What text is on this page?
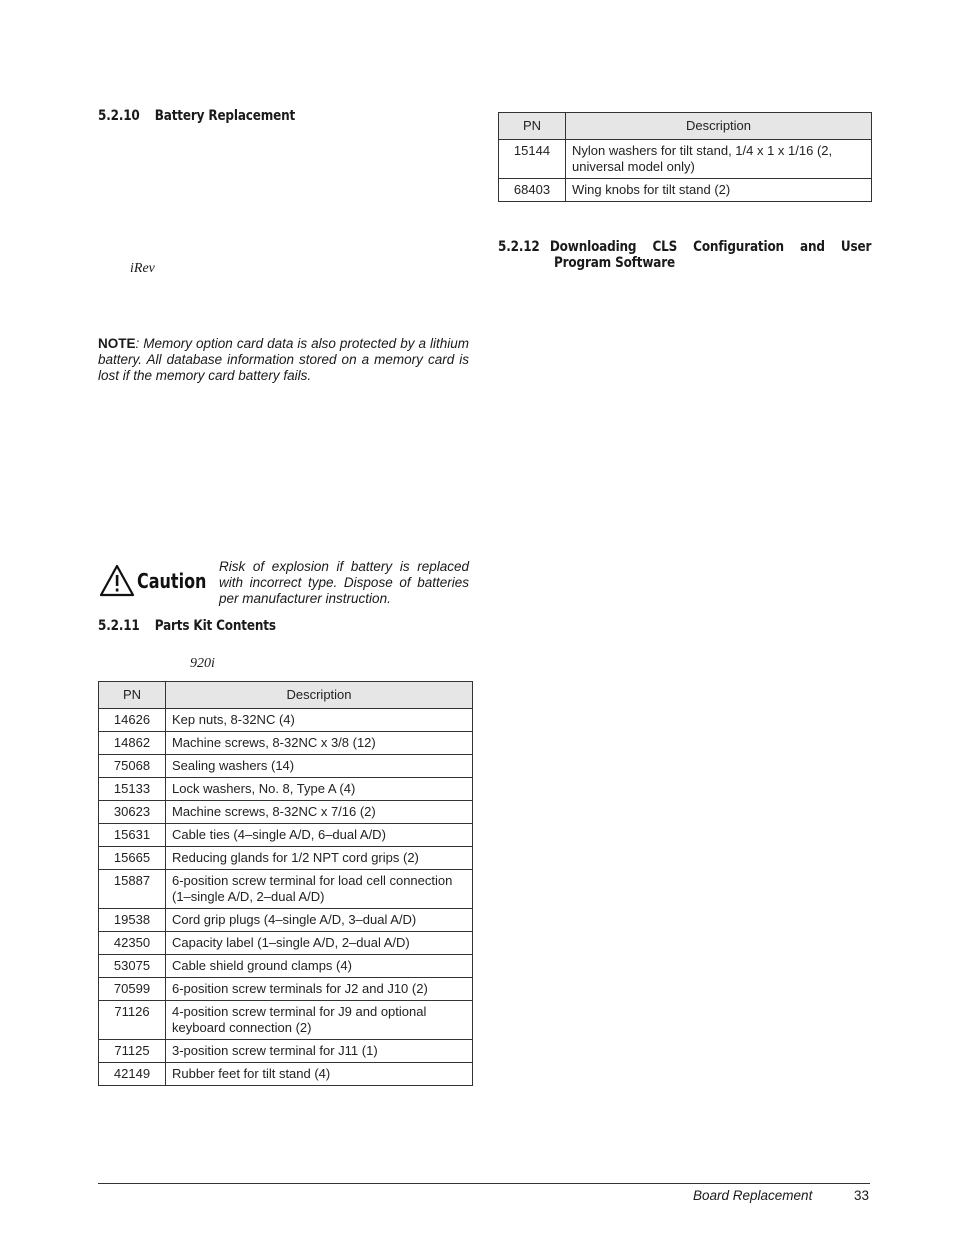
5.2.10 Battery Replacement
iRev
NOTE: Memory option card data is also protected by a lithium battery. All database information stored on a memory card is lost if the memory card battery fails.
Caution
Risk of explosion if battery is replaced with incorrect type. Dispose of batteries per manufacturer instruction.
5.2.11 Parts Kit Contents
920i
PN	Description
14626	Kep nuts, 8-32NC (4)
14862	Machine screws, 8-32NC x 3/8 (12)
75068	Sealing washers (14)
15133	Lock washers, No. 8, Type A (4)
30623	Machine screws, 8-32NC x 7/16 (2)
15631	Cable ties (4–single A/D, 6–dual A/D)
15665	Reducing glands for 1/2 NPT cord grips (2)
15887	6-position screw terminal for load cell connection (1–single A/D, 2–dual A/D)
19538	Cord grip plugs (4–single A/D, 3–dual A/D)
42350	Capacity label (1–single A/D, 2–dual A/D)
53075	Cable shield ground clamps (4)
70599	6-position screw terminals for J2 and J10 (2)
71126	4-position screw terminal for J9 and optional keyboard connection (2)
71125	3-position screw terminal for J11 (1)
42149	Rubber feet for tilt stand (4)
PN	Description
15144	Nylon washers for tilt stand, 1/4 x 1 x 1/16 (2, universal model only)
68403	Wing knobs for tilt stand (2)
5.2.12 Downloading CLS Configuration and User
Program Software
Board Replacement	33
